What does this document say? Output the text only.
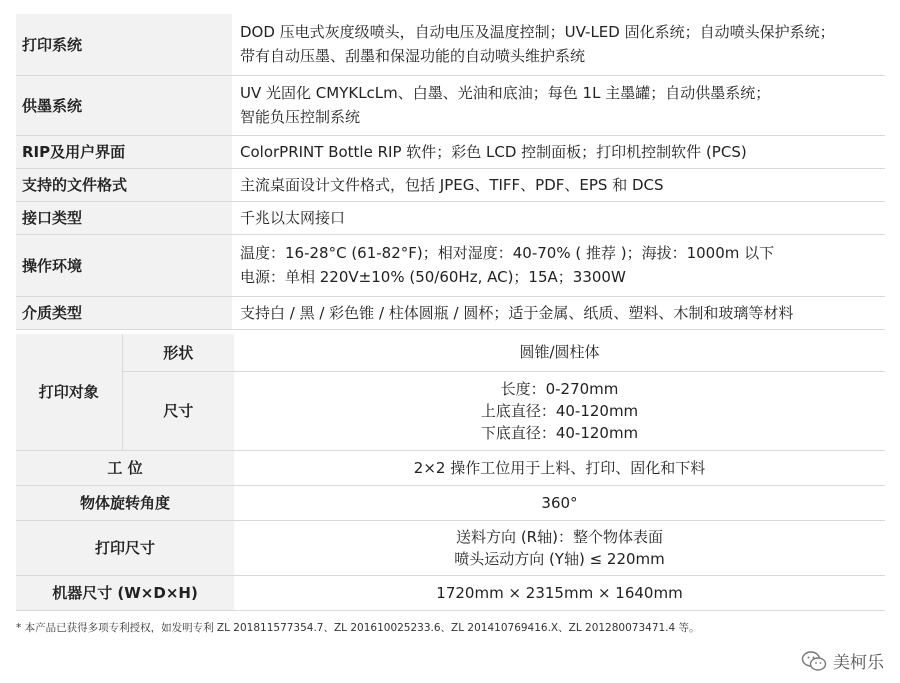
打印系统	DOD 压电式灰度级喷头，自动电压及温度控制；UV-LED 固化系统；自动喷头保护系统；
带有自动压墨、刮墨和保湿功能的自动喷头维护系统

供墨系统	UV 光固化 CMYKLcLm、白墨、光油和底油；每色 1L 主墨罐；自动供墨系统；
智能负压控制系统

RIP及用户界面	ColorPRINT Bottle RIP 软件；彩色 LCD 控制面板；打印机控制软件 (PCS)

支持的文件格式	主流桌面设计文件格式，包括 JPEG、TIFF、PDF、EPS 和 DCS

接口类型	千兆以太网接口

操作环境	温度：16-28°C (61-82°F)；相对湿度：40-70% ( 推荐 )；海拔：1000m 以下
电源：单相 220V±10% (50/60Hz, AC)；15A；3300W

介质类型	支持白 / 黑 / 彩色锥 / 柱体圆瓶 / 圆杯；适于金属、纸质、塑料、木制和玻璃等材料
打印对象	形状	圆锥/圆柱体
	尺寸	长度：0-270mm
上底直径：40-120mm
下底直径：40-120mm

工 位		2×2 操作工位用于上料、打印、固化和下料
物体旋转角度		360°
打印尺寸		送料方向 (R轴)：整个物体表面
喷头运动方向 (Y轴) ≤ 220mm

机器尺寸 (W×D×H)		1720mm × 2315mm × 1640mm
* 本产品已获得多项专利授权，如发明专利 ZL 201811577354.7、ZL 201610025233.6、ZL 201410769416.X、ZL 201280073471.4 等。
美柯乐
